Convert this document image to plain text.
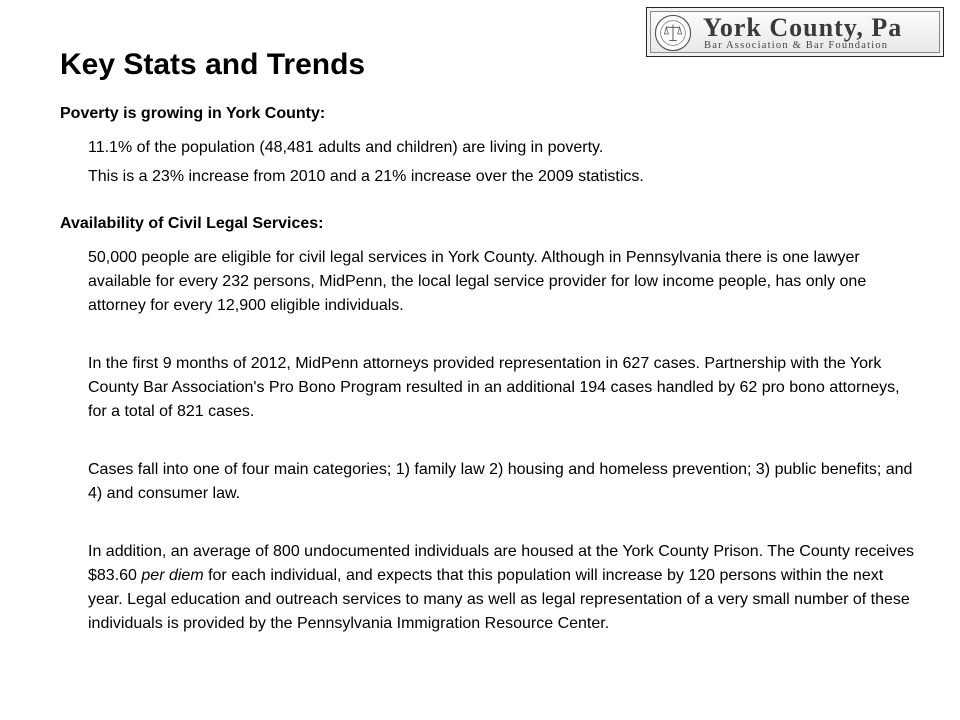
York County, Pa
Bar Association & Bar Foundation
Key Stats and Trends
Poverty is growing in York County:
11.1% of the population (48,481 adults and children) are living in poverty.
This is a 23% increase from 2010 and a 21% increase over the 2009 statistics.
Availability of Civil Legal Services:
50,000 people are eligible for civil legal services in York County. Although in Pennsylvania there is one lawyer available for every 232 persons, MidPenn, the local legal service provider for low income people, has only one attorney for every 12,900 eligible individuals.
In the first 9 months of 2012, MidPenn attorneys provided representation in 627 cases. Partnership with the York County Bar Association's Pro Bono Program resulted in an additional 194 cases handled by 62 pro bono attorneys, for a total of 821 cases.
Cases fall into one of four main categories; 1) family law 2) housing and homeless prevention; 3) public benefits; and 4) and consumer law.
In addition, an average of 800 undocumented individuals are housed at the York County Prison. The County receives $83.60 per diem for each individual, and expects that this population will increase by 120 persons within the next year. Legal education and outreach services to many as well as legal representation of a very small number of these individuals is provided by the Pennsylvania Immigration Resource Center.
